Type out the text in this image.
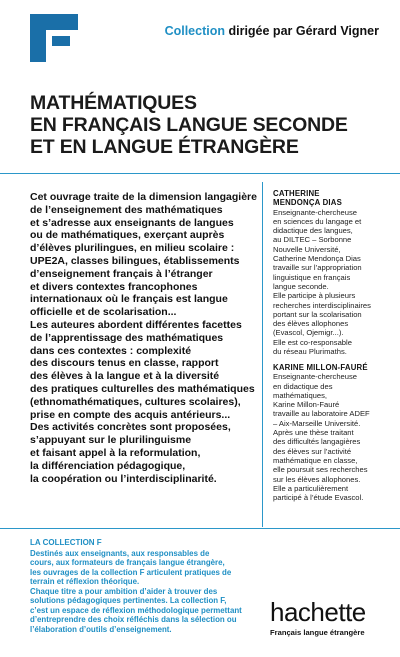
Collection dirigée par Gérard Vigner
MATHÉMATIQUES
EN FRANÇAIS LANGUE SECONDE
ET EN LANGUE ÉTRANGÈRE
Cet ouvrage traite de la dimension langagière
de l’enseignement des mathématiques
et s’adresse aux enseignants de langues
ou de mathématiques, exerçant auprès
d’élèves plurilingues, en milieu scolaire :
UPE2A, classes bilingues, établissements
d’enseignement français à l’étranger
et divers contextes francophones
internationaux où le français est langue
officielle et de scolarisation...
Les auteures abordent différentes facettes
de l’apprentissage des mathématiques
dans ces contextes : complexité
des discours tenus en classe, rapport
des élèves à la langue et à la diversité
des pratiques culturelles des mathématiques
(ethnomathématiques, cultures scolaires),
prise en compte des acquis antérieurs...
Des activités concrètes sont proposées,
s’appuyant sur le plurilinguisme
et faisant appel à la reformulation,
la différenciation pédagogique,
la coopération ou l’interdisciplinarité.
CATHERINE
MENDONÇA DIAS
Enseignante-chercheuse
en sciences du langage et
didactique des langues,
au DILTEC – Sorbonne
Nouvelle Université,
Catherine Mendonça Dias
travaille sur l’appropriation
linguistique en français
langue seconde.
Elle participe à plusieurs
recherches interdisciplinaires
portant sur la scolarisation
des élèves allophones
(Evascol, Ojemigr...).
Elle est co-responsable
du réseau Plurimaths.
KARINE MILLON-FAURÉ
Enseignante-chercheuse
en didactique des
mathématiques,
Karine Millon-Fauré
travaille au laboratoire ADEF
– Aix-Marseille Université.
Après une thèse traitant
des difficultés langagières
des élèves sur l’activité
mathématique en classe,
elle poursuit ses recherches
sur les élèves allophones.
Elle a particulièrement
participé à l’étude Evascol.
LA COLLECTION F
Destinés aux enseignants, aux responsables de
cours, aux formateurs de français langue étrangère,
les ouvrages de la collection F articulent pratiques de
terrain et réflexion théorique.
Chaque titre a pour ambition d’aider à trouver des
solutions pédagogiques pertinentes. La collection F,
c’est un espace de réflexion méthodologique permettant
d’entreprendre des choix réfléchis dans la sélection ou
l’élaboration d’outils d’enseignement.
hachette
Français langue étrangère
